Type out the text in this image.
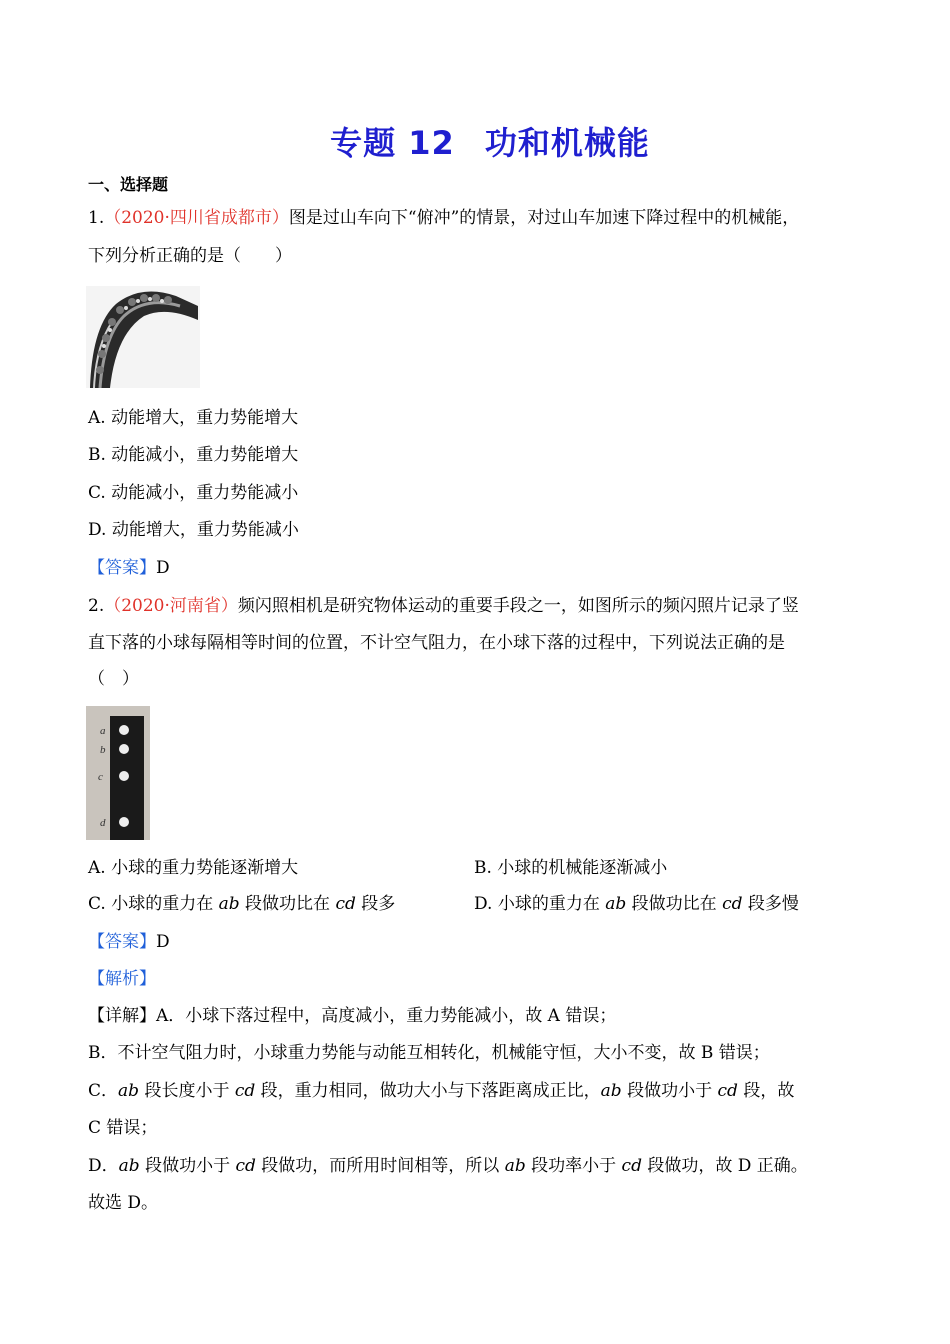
专题 12 功和机械能
一、选择题
1.（2020·四川省成都市）图是过山车向下“俯冲”的情景，对过山车加速下降过程中的机械能，
下列分析正确的是（　　）
A. 动能增大，重力势能增大
B. 动能减小，重力势能增大
C. 动能减小，重力势能减小
D. 动能增大，重力势能减小
【答案】D
2.（2020·河南省）频闪照相机是研究物体运动的重要手段之一，如图所示的频闪照片记录了竖
直下落的小球每隔相等时间的位置，不计空气阻力，在小球下落的过程中，下列说法正确的是
（　）
a
b
c
d
A. 小球的重力势能逐渐增大	B. 小球的机械能逐渐减小
C. 小球的重力在 ab 段做功比在 cd 段多	D. 小球的重力在 ab 段做功比在 cd 段多慢
【答案】D
【解析】
【详解】A．小球下落过程中，高度减小，重力势能减小，故 A 错误；
B．不计空气阻力时，小球重力势能与动能互相转化，机械能守恒，大小不变，故 B 错误；
C．ab 段长度小于 cd 段，重力相同，做功大小与下落距离成正比，ab 段做功小于 cd 段，故
C 错误；
D．ab 段做功小于 cd 段做功，而所用时间相等，所以 ab 段功率小于 cd 段做功，故 D 正确。
故选 D。
